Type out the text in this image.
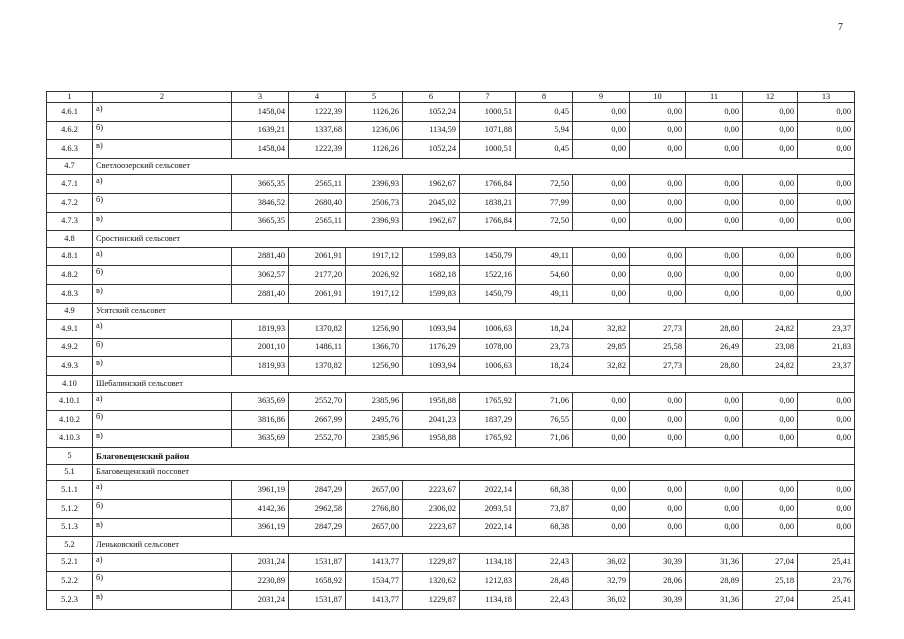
7
1	2	3	4	5	6	7	8	9	10	11	12	13
4.6.1	а)	1458,04	1222,39	1126,26	1052,24	1000,51	0,45	0,00	0,00	0,00	0,00	0,00
4.6.2	б)	1639,21	1337,68	1236,06	1134,59	1071,88	5,94	0,00	0,00	0,00	0,00	0,00
4.6.3	в)	1458,04	1222,39	1126,26	1052,24	1000,51	0,45	0,00	0,00	0,00	0,00	0,00
4.7	Светлоозерский сельсовет											
4.7.1	а)	3665,35	2565,11	2396,93	1962,67	1766,84	72,50	0,00	0,00	0,00	0,00	0,00
4.7.2	б)	3846,52	2680,40	2506,73	2045,02	1838,21	77,99	0,00	0,00	0,00	0,00	0,00
4.7.3	в)	3665,35	2565,11	2396,93	1962,67	1766,84	72,50	0,00	0,00	0,00	0,00	0,00
4.8	Сростинский сельсовет											
4.8.1	а)	2881,40	2061,91	1917,12	1599,83	1450,79	49,11	0,00	0,00	0,00	0,00	0,00
4.8.2	б)	3062,57	2177,20	2026,92	1682,18	1522,16	54,60	0,00	0,00	0,00	0,00	0,00
4.8.3	в)	2881,40	2061,91	1917,12	1599,83	1450,79	49,11	0,00	0,00	0,00	0,00	0,00
4.9	Усятский сельсовет											
4.9.1	а)	1819,93	1370,82	1256,90	1093,94	1006,63	18,24	32,82	27,73	28,80	24,82	23,37
4.9.2	б)	2001,10	1486,11	1366,70	1176,29	1078,00	23,73	29,85	25,58	26,49	23,08	21,83
4.9.3	в)	1819,93	1370,82	1256,90	1093,94	1006,63	18,24	32,82	27,73	28,80	24,82	23,37
4.10	Шебалинский сельсовет											
4.10.1	а)	3635,69	2552,70	2385,96	1958,88	1765,92	71,06	0,00	0,00	0,00	0,00	0,00
4.10.2	б)	3816,86	2667,99	2495,76	2041,23	1837,29	76,55	0,00	0,00	0,00	0,00	0,00
4.10.3	в)	3635,69	2552,70	2385,96	1958,88	1765,92	71,06	0,00	0,00	0,00	0,00	0,00
5	Благовещенский район											
5.1	Благовещенский поссовет											
5.1.1	а)	3961,19	2847,29	2657,00	2223,67	2022,14	68,38	0,00	0,00	0,00	0,00	0,00
5.1.2	б)	4142,36	2962,58	2766,80	2306,02	2093,51	73,87	0,00	0,00	0,00	0,00	0,00
5.1.3	в)	3961,19	2847,29	2657,00	2223,67	2022,14	68,38	0,00	0,00	0,00	0,00	0,00
5.2	Леньковский сельсовет											
5.2.1	а)	2031,24	1531,87	1413,77	1229,87	1134,18	22,43	36,02	30,39	31,36	27,04	25,41
5.2.2	б)	2230,89	1658,92	1534,77	1320,62	1212,83	28,48	32,79	28,06	28,89	25,18	23,76
5.2.3	в)	2031,24	1531,87	1413,77	1229,87	1134,18	22,43	36,02	30,39	31,36	27,04	25,41
